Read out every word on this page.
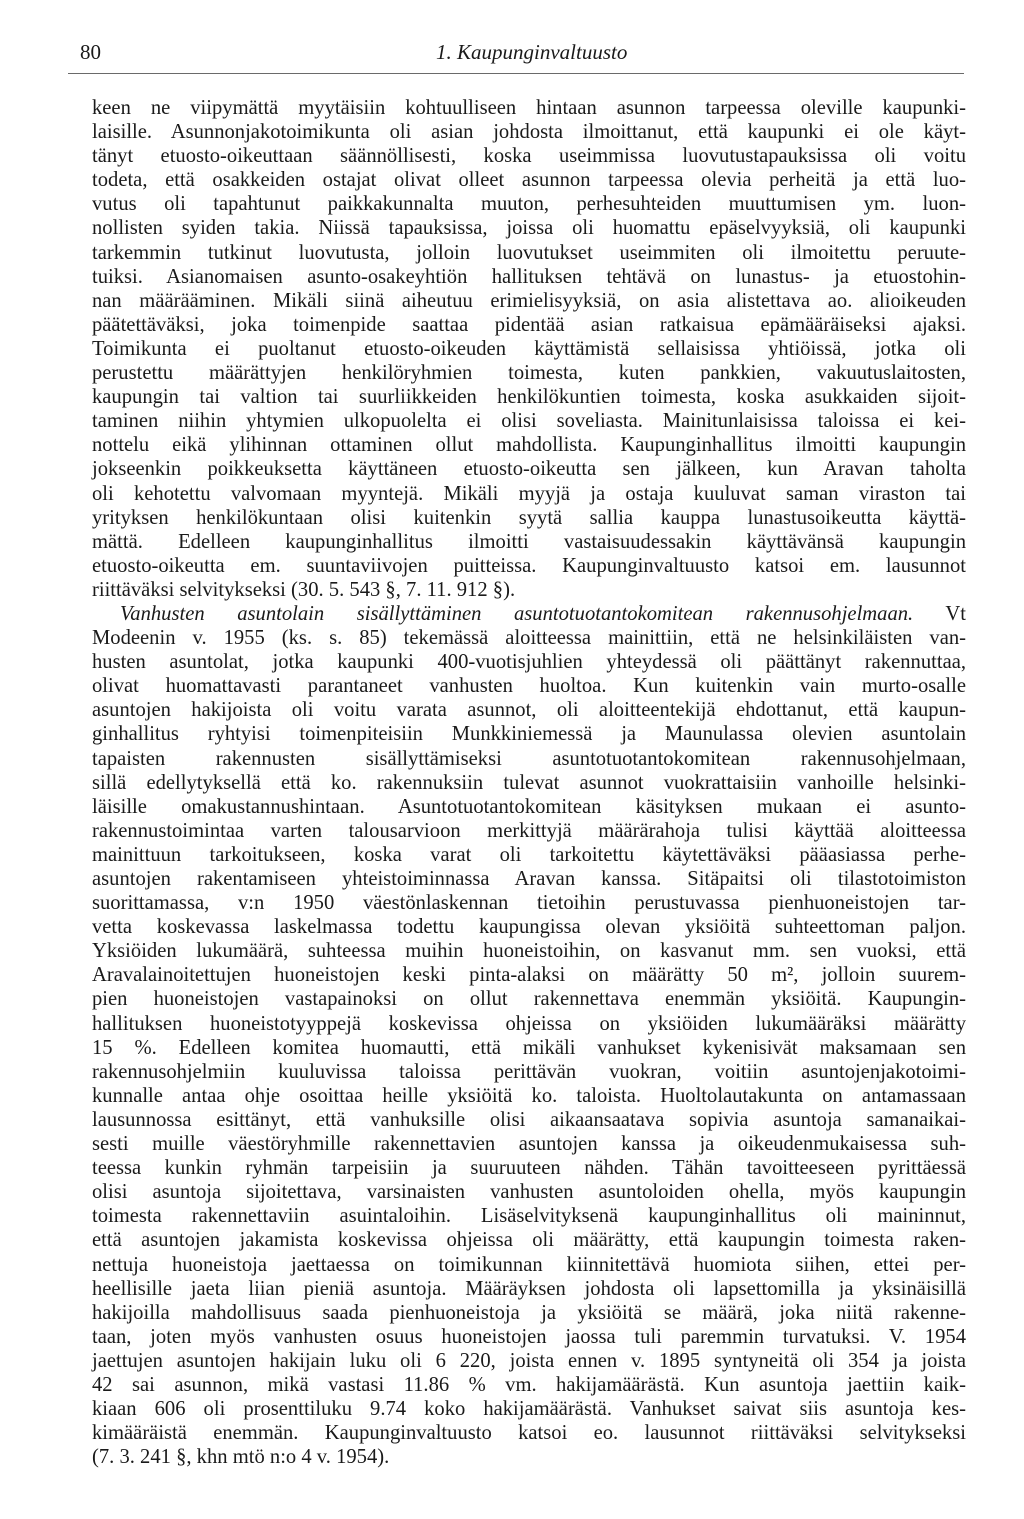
80	1. Kaupunginvaltuusto
keen ne viipymättä myytäisiin kohtuulliseen hintaan asunnon tarpeessa oleville kaupunki-
laisille. Asunnonjakotoimikunta oli asian johdosta ilmoittanut, että kaupunki ei ole käyt-
tänyt etuosto-oikeuttaan säännöllisesti, koska useimmissa luovutustapauksissa oli voitu
todeta, että osakkeiden ostajat olivat olleet asunnon tarpeessa olevia perheitä ja että luo-
vutus oli tapahtunut paikkakunnalta muuton, perhesuhteiden muuttumisen ym. luon-
nollisten syiden takia. Niissä tapauksissa, joissa oli huomattu epäselvyyksiä, oli kaupunki
tarkemmin tutkinut luovutusta, jolloin luovutukset useimmiten oli ilmoitettu peruute-
tuiksi. Asianomaisen asunto-osakeyhtiön hallituksen tehtävä on lunastus- ja etuostohin-
nan määrääminen. Mikäli siinä aiheutuu erimielisyyksiä, on asia alistettava ao. alioikeuden
päätettäväksi, joka toimenpide saattaa pidentää asian ratkaisua epämääräiseksi ajaksi.
Toimikunta ei puoltanut etuosto-oikeuden käyttämistä sellaisissa yhtiöissä, jotka oli
perustettu määrättyjen henkilöryhmien toimesta, kuten pankkien, vakuutuslaitosten,
kaupungin tai valtion tai suurliikkeiden henkilökuntien toimesta, koska asukkaiden sijoit-
taminen niihin yhtymien ulkopuolelta ei olisi soveliasta. Mainitunlaisissa taloissa ei kei-
nottelu eikä ylihinnan ottaminen ollut mahdollista. Kaupunginhallitus ilmoitti kaupungin
jokseenkin poikkeuksetta käyttäneen etuosto-oikeutta sen jälkeen, kun Aravan taholta
oli kehotettu valvomaan myyntejä. Mikäli myyjä ja ostaja kuuluvat saman viraston tai
yrityksen henkilökuntaan olisi kuitenkin syytä sallia kauppa lunastusoikeutta käyttä-
mättä. Edelleen kaupunginhallitus ilmoitti vastaisuudessakin käyttävänsä kaupungin
etuosto-oikeutta em. suuntaviivojen puitteissa. Kaupunginvaltuusto katsoi em. lausunnot
riittäväksi selvitykseksi (30. 5. 543 §, 7. 11. 912 §).
Vanhusten asuntolain sisällyttäminen asuntotuotantokomitean rakennusohjelmaan. Vt
Modeenin v. 1955 (ks. s. 85) tekemässä aloitteessa mainittiin, että ne helsinkiläisten van-
husten asuntolat, jotka kaupunki 400-vuotisjuhlien yhteydessä oli päättänyt rakennuttaa,
olivat huomattavasti parantaneet vanhusten huoltoa. Kun kuitenkin vain murto-osalle
asuntojen hakijoista oli voitu varata asunnot, oli aloitteentekijä ehdottanut, että kaupun-
ginhallitus ryhtyisi toimenpiteisiin Munkkiniemessä ja Maunulassa olevien asuntolain
tapaisten rakennusten sisällyttämiseksi asuntotuotantokomitean rakennusohjelmaan,
sillä edellytyksellä että ko. rakennuksiin tulevat asunnot vuokrattaisiin vanhoille helsinki-
läisille omakustannushintaan. Asuntotuotantokomitean käsityksen mukaan ei asunto-
rakennustoimintaa varten talousarvioon merkittyjä määrärahoja tulisi käyttää aloitteessa
mainittuun tarkoitukseen, koska varat oli tarkoitettu käytettäväksi pääasiassa perhe-
asuntojen rakentamiseen yhteistoiminnassa Aravan kanssa. Sitäpaitsi oli tilastotoimiston
suorittamassa, v:n 1950 väestönlaskennan tietoihin perustuvassa pienhuoneistojen tar-
vetta koskevassa laskelmassa todettu kaupungissa olevan yksiöitä suhteettoman paljon.
Yksiöiden lukumäärä, suhteessa muihin huoneistoihin, on kasvanut mm. sen vuoksi, että
Aravalainoitettujen huoneistojen keski pinta-alaksi on määrätty 50 m², jolloin suurem-
pien huoneistojen vastapainoksi on ollut rakennettava enemmän yksiöitä. Kaupungin-
hallituksen huoneistotyyppejä koskevissa ohjeissa on yksiöiden lukumääräksi määrätty
15 %. Edelleen komitea huomautti, että mikäli vanhukset kykenisivät maksamaan sen
rakennusohjelmiin kuuluvissa taloissa perittävän vuokran, voitiin asuntojenjakotoimi-
kunnalle antaa ohje osoittaa heille yksiöitä ko. taloista. Huoltolautakunta on antamassaan
lausunnossa esittänyt, että vanhuksille olisi aikaansaatava sopivia asuntoja samanaikai-
sesti muille väestöryhmille rakennettavien asuntojen kanssa ja oikeudenmukaisessa suh-
teessa kunkin ryhmän tarpeisiin ja suuruuteen nähden. Tähän tavoitteeseen pyrittäessä
olisi asuntoja sijoitettava, varsinaisten vanhusten asuntoloiden ohella, myös kaupungin
toimesta rakennettaviin asuintaloihin. Lisäselvityksenä kaupunginhallitus oli maininnut,
että asuntojen jakamista koskevissa ohjeissa oli määrätty, että kaupungin toimesta raken-
nettuja huoneistoja jaettaessa on toimikunnan kiinnitettävä huomiota siihen, ettei per-
heellisille jaeta liian pieniä asuntoja. Määräyksen johdosta oli lapsettomilla ja yksinäisillä
hakijoilla mahdollisuus saada pienhuoneistoja ja yksiöitä se määrä, joka niitä rakenne-
taan, joten myös vanhusten osuus huoneistojen jaossa tuli paremmin turvatuksi. V. 1954
jaettujen asuntojen hakijain luku oli 6 220, joista ennen v. 1895 syntyneitä oli 354 ja joista
42 sai asunnon, mikä vastasi 11.86 % vm. hakijamäärästä. Kun asuntoja jaettiin kaik-
kiaan 606 oli prosenttiluku 9.74 koko hakijamäärästä. Vanhukset saivat siis asuntoja kes-
kimääräistä enemmän. Kaupunginvaltuusto katsoi eo. lausunnot riittäväksi selvitykseksi
(7. 3. 241 §, khn mtö n:o 4 v. 1954).
